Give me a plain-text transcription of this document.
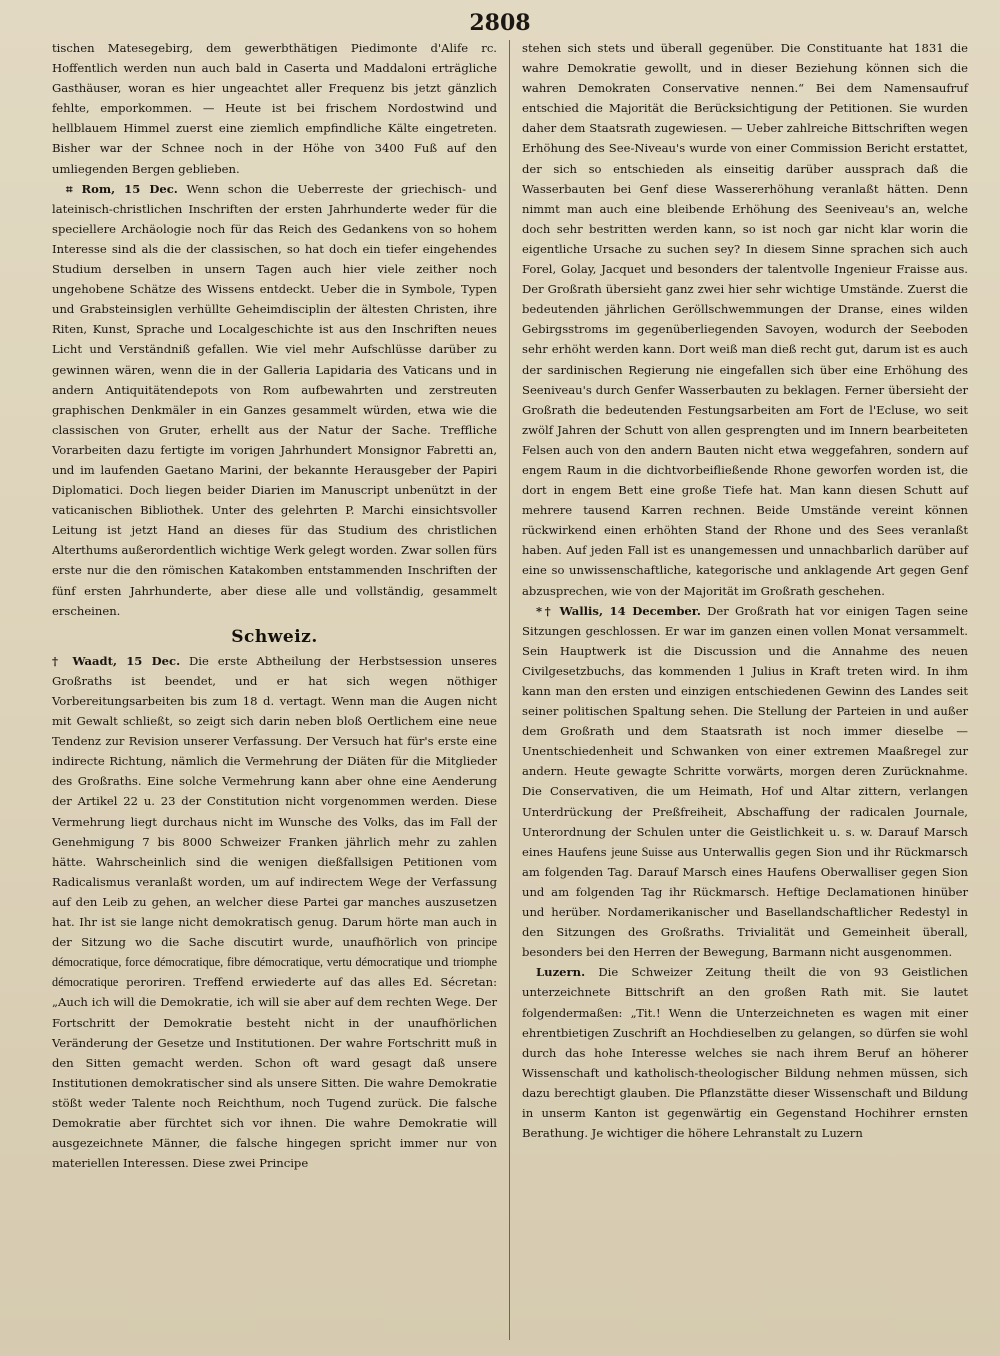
2808

tischen Matesegebirg, dem gewerbthätigen Piedimonte d'Alife rc. Hoffentlich werden nun auch bald in Caserta und Maddaloni erträgliche Gasthäuser, woran es hier ungeachtet aller Frequenz bis jetzt gänzlich fehlte, emporkommen. — Heute ist bei frischem Nordostwind und hellblauem Himmel zuerst eine ziemlich empfindliche Kälte eingetreten. Bisher war der Schnee noch in der Höhe von 3400 Fuß auf den umliegenden Bergen geblieben.

⌗ Rom, 15 Dec. Wenn schon die Ueberreste der griechisch- und lateinisch-christlichen Inschriften der ersten Jahrhunderte weder für die speciellere Archäologie noch für das Reich des Gedankens von so hohem Interesse sind als die der classischen, so hat doch ein tiefer eingehendes Studium derselben in unsern Tagen auch hier viele zeither noch ungehobene Schätze des Wissens entdeckt. Ueber die in Symbole, Typen und Grabsteinsiglen verhüllte Geheimdisciplin der ältesten Christen, ihre Riten, Kunst, Sprache und Localgeschichte ist aus den Inschriften neues Licht und Verständniß gefallen. Wie viel mehr Aufschlüsse darüber zu gewinnen wären, wenn die in der Galleria Lapidaria des Vaticans und in andern Antiquitätendepots von Rom aufbewahrten und zerstreuten graphischen Denkmäler in ein Ganzes gesammelt würden, etwa wie die classischen von Gruter, erhellt aus der Natur der Sache. Treffliche Vorarbeiten dazu fertigte im vorigen Jahrhundert Monsignor Fabretti an, und im laufenden Gaetano Marini, der bekannte Herausgeber der Papiri Diplomatici. Doch liegen beider Diarien im Manuscript unbenützt in der vaticanischen Bibliothek. Unter des gelehrten P. Marchi einsichtsvoller Leitung ist jetzt Hand an dieses für das Studium des christlichen Alterthums außerordentlich wichtige Werk gelegt worden. Zwar sollen fürs erste nur die den römischen Katakomben entstammenden Inschriften der fünf ersten Jahrhunderte, aber diese alle und vollständig, gesammelt erscheinen.

Schweiz.

† Waadt, 15 Dec. Die erste Abtheilung der Herbstsession unseres Großraths ist beendet, und er hat sich wegen nöthiger Vorbereitungsarbeiten bis zum 18 d. vertagt. Wenn man die Augen nicht mit Gewalt schließt, so zeigt sich darin neben bloß Oertlichem eine neue Tendenz zur Revision unserer Verfassung. Der Versuch hat für's erste eine indirecte Richtung, nämlich die Vermehrung der Diäten für die Mitglieder des Großraths. Eine solche Vermehrung kann aber ohne eine Aenderung der Artikel 22 u. 23 der Constitution nicht vorgenommen werden. Diese Vermehrung liegt durchaus nicht im Wunsche des Volks, das im Fall der Genehmigung 7 bis 8000 Schweizer Franken jährlich mehr zu zahlen hätte. Wahrscheinlich sind die wenigen dießfallsigen Petitionen vom Radicalismus veranlaßt worden, um auf indirectem Wege der Verfassung auf den Leib zu gehen, an welcher diese Partei gar manches auszusetzen hat. Ihr ist sie lange nicht demokratisch genug. Darum hörte man auch in der Sitzung wo die Sache discutirt wurde, unaufhörlich von principe démocratique, force démocratique, fibre démocratique, vertu démocratique und triomphe démocratique peroriren. Treffend erwiederte auf das alles Ed. Sécretan: „Auch ich will die Demokratie, ich will sie aber auf dem rechten Wege. Der Fortschritt der Demokratie besteht nicht in der unaufhörlichen Veränderung der Gesetze und Institutionen. Der wahre Fortschritt muß in den Sitten gemacht werden. Schon oft ward gesagt daß unsere Institutionen demokratischer sind als unsere Sitten. Die wahre Demokratie stößt weder Talente noch Reichthum, noch Tugend zurück. Die falsche Demokratie aber fürchtet sich vor ihnen. Die wahre Demokratie will ausgezeichnete Männer, die falsche hingegen spricht immer nur von materiellen Interessen. Diese zwei Principe

stehen sich stets und überall gegenüber. Die Constituante hat 1831 die wahre Demokratie gewollt, und in dieser Beziehung können sich die wahren Demokraten Conservative nennen.“ Bei dem Namensaufruf entschied die Majorität die Berücksichtigung der Petitionen. Sie wurden daher dem Staatsrath zugewiesen. — Ueber zahlreiche Bittschriften wegen Erhöhung des See-Niveau's wurde von einer Commission Bericht erstattet, der sich so entschieden als einseitig darüber aussprach daß die Wasserbauten bei Genf diese Wassererhöhung veranlaßt hätten. Denn nimmt man auch eine bleibende Erhöhung des Seeniveau's an, welche doch sehr bestritten werden kann, so ist noch gar nicht klar worin die eigentliche Ursache zu suchen sey? In diesem Sinne sprachen sich auch Forel, Golay, Jacquet und besonders der talentvolle Ingenieur Fraisse aus. Der Großrath übersieht ganz zwei hier sehr wichtige Umstände. Zuerst die bedeutenden jährlichen Geröllschwemmungen der Dranse, eines wilden Gebirgsstroms im gegenüberliegenden Savoyen, wodurch der Seeboden sehr erhöht werden kann. Dort weiß man dieß recht gut, darum ist es auch der sardinischen Regierung nie eingefallen sich über eine Erhöhung des Seeniveau's durch Genfer Wasserbauten zu beklagen. Ferner übersieht der Großrath die bedeutenden Festungsarbeiten am Fort de l'Ecluse, wo seit zwölf Jahren der Schutt von allen gesprengten und im Innern bearbeiteten Felsen auch von den andern Bauten nicht etwa weggefahren, sondern auf engem Raum in die dichtvorbeifließende Rhone geworfen worden ist, die dort in engem Bett eine große Tiefe hat. Man kann diesen Schutt auf mehrere tausend Karren rechnen. Beide Umstände vereint können rückwirkend einen erhöhten Stand der Rhone und des Sees veranlaßt haben. Auf jeden Fall ist es unangemessen und unnachbarlich darüber auf eine so unwissenschaftliche, kategorische und anklagende Art gegen Genf abzusprechen, wie von der Majorität im Großrath geschehen.

*† Wallis, 14 December. Der Großrath hat vor einigen Tagen seine Sitzungen geschlossen. Er war im ganzen einen vollen Monat versammelt. Sein Hauptwerk ist die Discussion und die Annahme des neuen Civilgesetzbuchs, das kommenden 1 Julius in Kraft treten wird. In ihm kann man den ersten und einzigen entschiedenen Gewinn des Landes seit seiner politischen Spaltung sehen. Die Stellung der Parteien in und außer dem Großrath und dem Staatsrath ist noch immer dieselbe — Unentschiedenheit und Schwanken von einer extremen Maaßregel zur andern. Heute gewagte Schritte vorwärts, morgen deren Zurücknahme. Die Conservativen, die um Heimath, Hof und Altar zittern, verlangen Unterdrückung der Preßfreiheit, Abschaffung der radicalen Journale, Unterordnung der Schulen unter die Geistlichkeit u. s. w. Darauf Marsch eines Haufens jeune Suisse aus Unterwallis gegen Sion und ihr Rückmarsch am folgenden Tag. Darauf Marsch eines Haufens Oberwalliser gegen Sion und am folgenden Tag ihr Rückmarsch. Heftige Declamationen hinüber und herüber. Nordamerikanischer und Basellandschaftlicher Redestyl in den Sitzungen des Großraths. Trivialität und Gemeinheit überall, besonders bei den Herren der Bewegung, Barmann nicht ausgenommen.

Luzern. Die Schweizer Zeitung theilt die von 93 Geistlichen unterzeichnete Bittschrift an den großen Rath mit. Sie lautet folgendermaßen: „Tit.! Wenn die Unterzeichneten es wagen mit einer ehrentbietigen Zuschrift an Hochdieselben zu gelangen, so dürfen sie wohl durch das hohe Interesse welches sie nach ihrem Beruf an höherer Wissenschaft und katholisch-theologischer Bildung nehmen müssen, sich dazu berechtigt glauben. Die Pflanzstätte dieser Wissenschaft und Bildung in unserm Kanton ist gegenwärtig ein Gegenstand Hochihrer ernsten Berathung. Je wichtiger die höhere Lehranstalt zu Luzern
